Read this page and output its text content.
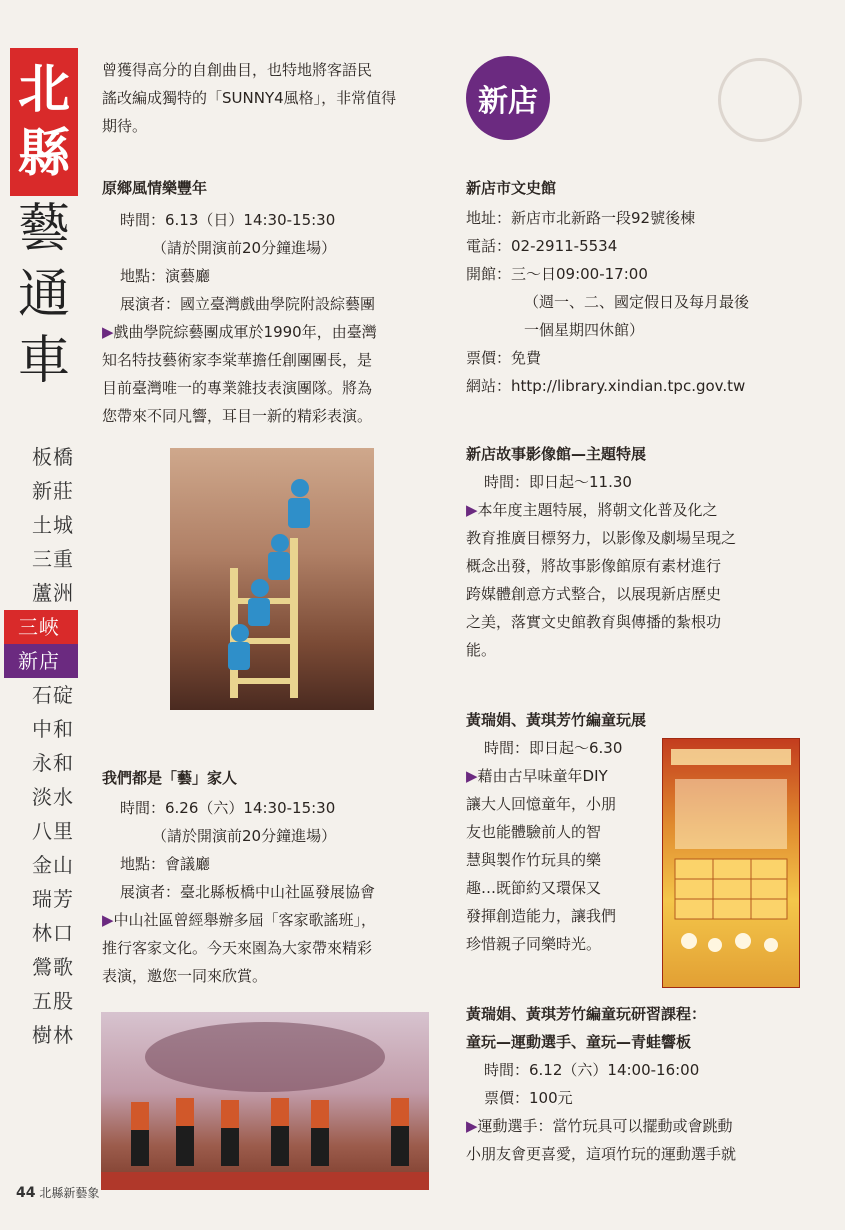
北
縣
藝
通
車
板橋
新莊
土城
三重
蘆洲
三峽
新店
石碇
中和
永和
淡水
八里
金山
瑞芳
林口
鶯歌
五股
樹林
44 北縣新藝象

曾獲得高分的自創曲目，也特地將客語民

謠改編成獨特的「SUNNY4風格」，非常值得

期待。

原鄉風情樂豐年

時間：6.13（日）14:30-15:30

（請於開演前20分鐘進場）

地點：演藝廳

展演者：國立臺灣戲曲學院附設綜藝團

▶戲曲學院綜藝團成軍於1990年，由臺灣

知名特技藝術家李棠華擔任創團團長，是

目前臺灣唯一的專業雜技表演團隊。將為

您帶來不同凡響，耳目一新的精彩表演。

我們都是「藝」家人

時間：6.26（六）14:30-15:30

（請於開演前20分鐘進場）

地點：會議廳

展演者：臺北縣板橋中山社區發展協會

▶中山社區曾經舉辦多屆「客家歌謠班」，

推行客家文化。今天來園為大家帶來精彩

表演，邀您一同來欣賞。

新店

新店市文史館

地址：新店市北新路一段92號後棟

電話：02-2911-5534

開館：三～日09:00-17:00

（週一、二、國定假日及每月最後

一個星期四休館）

票價：免費

網站：http://library.xindian.tpc.gov.tw

新店故事影像館—主題特展

時間：即日起～11.30

▶本年度主題特展，將朝文化普及化之

教育推廣目標努力，以影像及劇場呈現之

概念出發，將故事影像館原有素材進行

跨媒體創意方式整合，以展現新店歷史

之美，落實文史館教育與傳播的紮根功

能。

黃瑞娟、黃琪芳竹編童玩展

時間：即日起～6.30

▶藉由古早味童年DIY

讓大人回憶童年，小朋

友也能體驗前人的智

慧與製作竹玩具的樂

趣…既節約又環保又

發揮創造能力，讓我們

珍惜親子同樂時光。

黃瑞娟、黃琪芳竹編童玩研習課程：

童玩—運動選手、童玩—青蛙響板

時間：6.12（六）14:00-16:00

票價：100元

▶運動選手：當竹玩具可以擺動或會跳動

小朋友會更喜愛，這項竹玩的運動選手就
